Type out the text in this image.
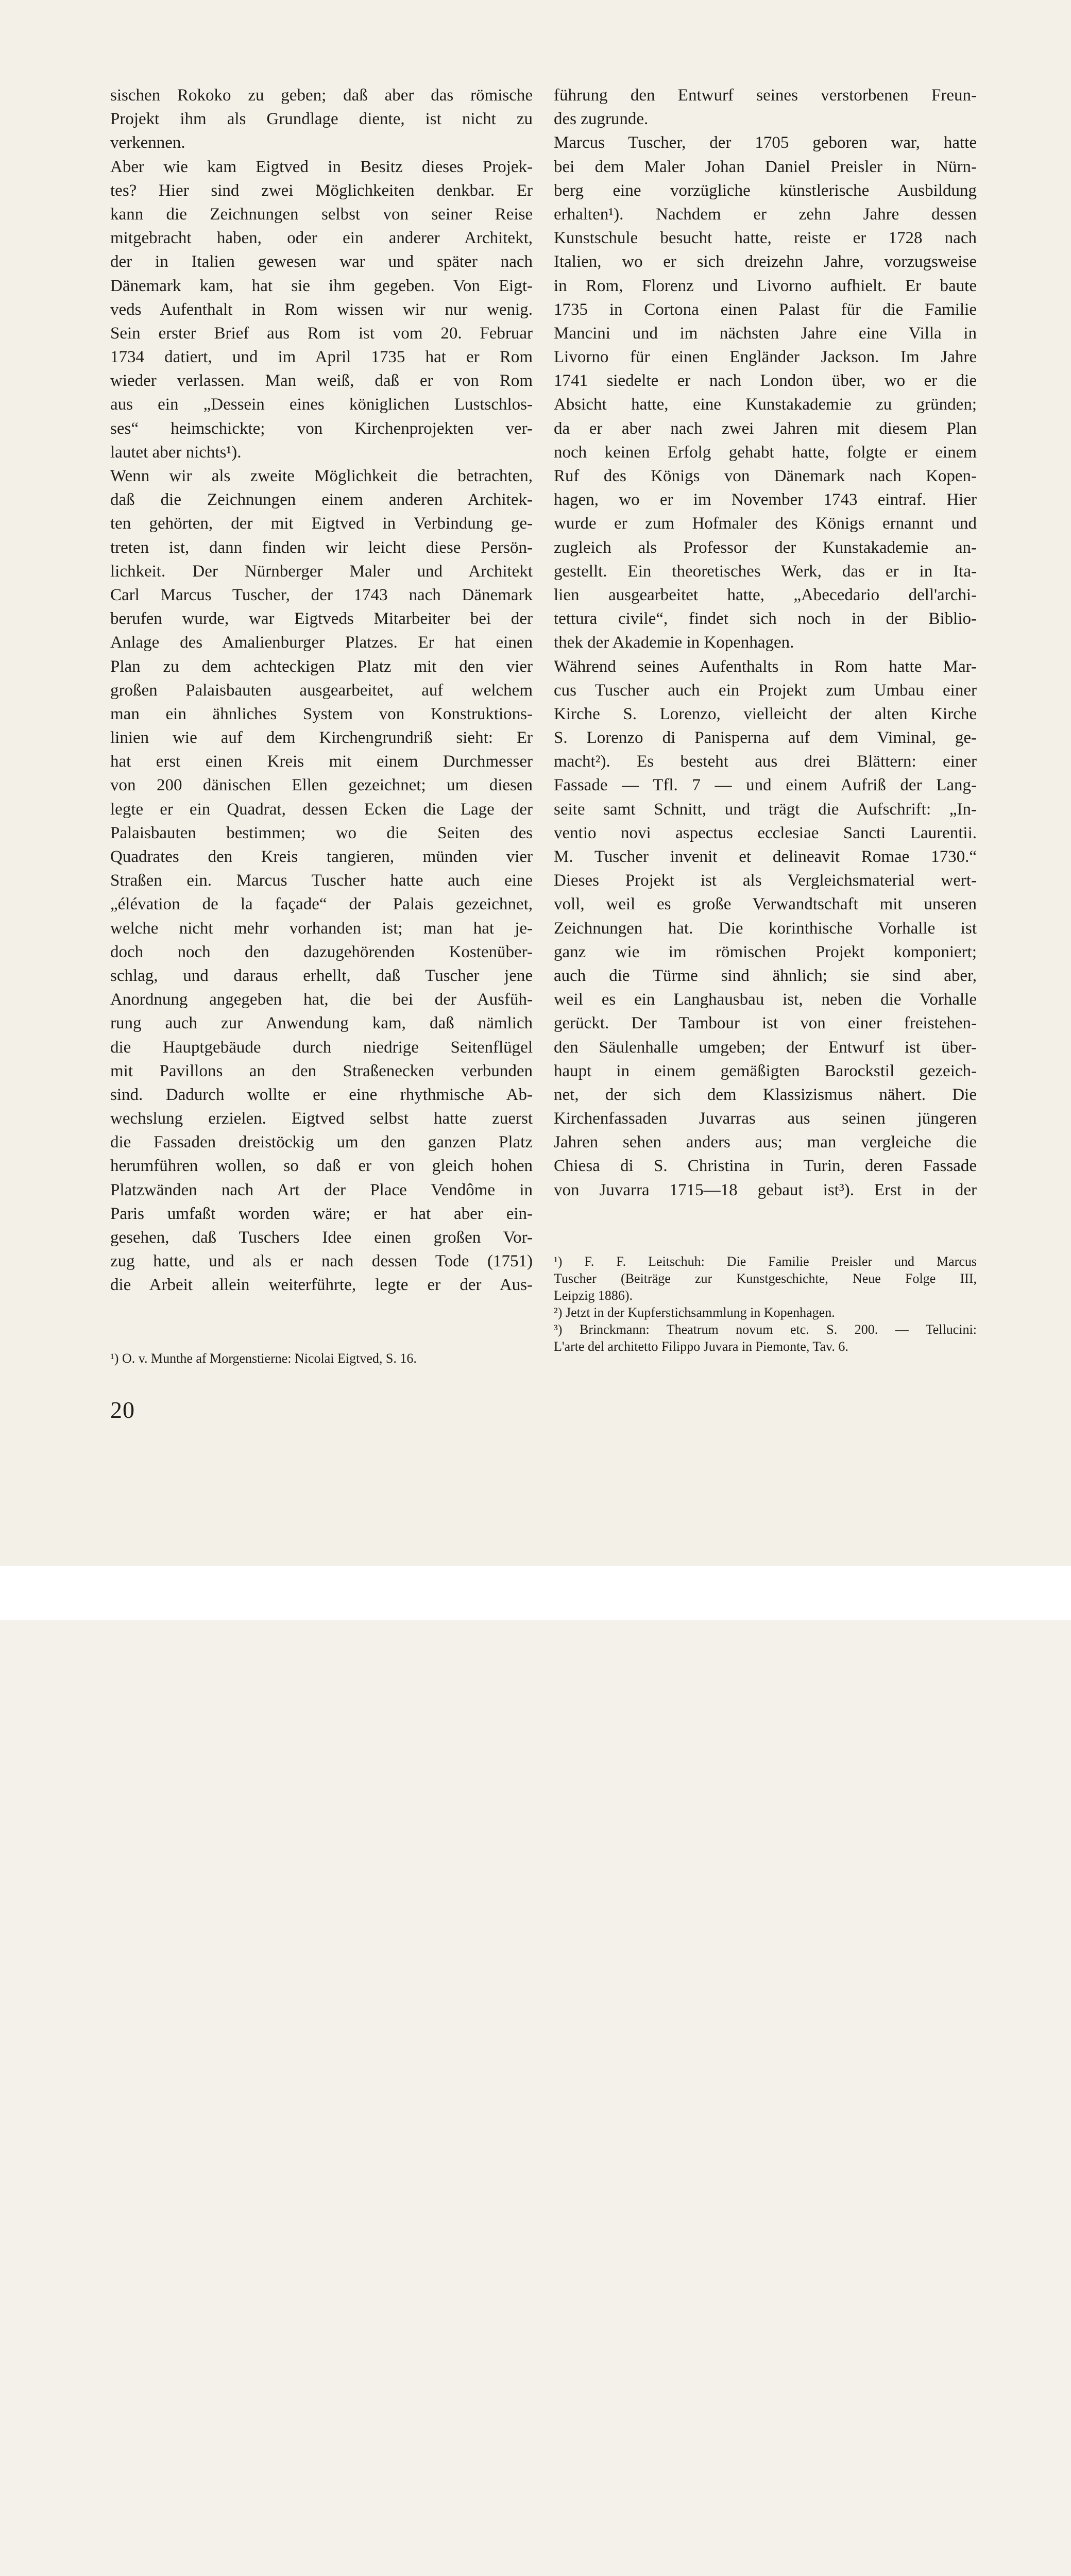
sischen Rokoko zu geben; daß aber das römische
Projekt ihm als Grundlage diente, ist nicht zu
verkennen.
Aber wie kam Eigtved in Besitz dieses Projek-
tes? Hier sind zwei Möglichkeiten denkbar. Er
kann die Zeichnungen selbst von seiner Reise
mitgebracht haben, oder ein anderer Architekt,
der in Italien gewesen war und später nach
Dänemark kam, hat sie ihm gegeben. Von Eigt-
veds Aufenthalt in Rom wissen wir nur wenig.
Sein erster Brief aus Rom ist vom 20. Februar
1734 datiert, und im April 1735 hat er Rom
wieder verlassen. Man weiß, daß er von Rom
aus ein „Dessein eines königlichen Lustschlos-
ses“ heimschickte; von Kirchenprojekten ver-
lautet aber nichts¹).
Wenn wir als zweite Möglichkeit die betrachten,
daß die Zeichnungen einem anderen Architek-
ten gehörten, der mit Eigtved in Verbindung ge-
treten ist, dann finden wir leicht diese Persön-
lichkeit. Der Nürnberger Maler und Architekt
Carl Marcus Tuscher, der 1743 nach Dänemark
berufen wurde, war Eigtveds Mitarbeiter bei der
Anlage des Amalienburger Platzes. Er hat einen
Plan zu dem achteckigen Platz mit den vier
großen Palaisbauten ausgearbeitet, auf welchem
man ein ähnliches System von Konstruktions-
linien wie auf dem Kirchengrundriß sieht: Er
hat erst einen Kreis mit einem Durchmesser
von 200 dänischen Ellen gezeichnet; um diesen
legte er ein Quadrat, dessen Ecken die Lage der
Palaisbauten bestimmen; wo die Seiten des
Quadrates den Kreis tangieren, münden vier
Straßen ein. Marcus Tuscher hatte auch eine
„élévation de la façade“ der Palais gezeichnet,
welche nicht mehr vorhanden ist; man hat je-
doch noch den dazugehörenden Kostenüber-
schlag, und daraus erhellt, daß Tuscher jene
Anordnung angegeben hat, die bei der Ausfüh-
rung auch zur Anwendung kam, daß nämlich
die Hauptgebäude durch niedrige Seitenflügel
mit Pavillons an den Straßenecken verbunden
sind. Dadurch wollte er eine rhythmische Ab-
wechslung erzielen. Eigtved selbst hatte zuerst
die Fassaden dreistöckig um den ganzen Platz
herumführen wollen, so daß er von gleich hohen
Platzwänden nach Art der Place Vendôme in
Paris umfaßt worden wäre; er hat aber ein-
gesehen, daß Tuschers Idee einen großen Vor-
zug hatte, und als er nach dessen Tode (1751)
die Arbeit allein weiterführte, legte er der Aus-
führung den Entwurf seines verstorbenen Freun-
des zugrunde.
Marcus Tuscher, der 1705 geboren war, hatte
bei dem Maler Johan Daniel Preisler in Nürn-
berg eine vorzügliche künstlerische Ausbildung
erhalten¹). Nachdem er zehn Jahre dessen
Kunstschule besucht hatte, reiste er 1728 nach
Italien, wo er sich dreizehn Jahre, vorzugsweise
in Rom, Florenz und Livorno aufhielt. Er baute
1735 in Cortona einen Palast für die Familie
Mancini und im nächsten Jahre eine Villa in
Livorno für einen Engländer Jackson. Im Jahre
1741 siedelte er nach London über, wo er die
Absicht hatte, eine Kunstakademie zu gründen;
da er aber nach zwei Jahren mit diesem Plan
noch keinen Erfolg gehabt hatte, folgte er einem
Ruf des Königs von Dänemark nach Kopen-
hagen, wo er im November 1743 eintraf. Hier
wurde er zum Hofmaler des Königs ernannt und
zugleich als Professor der Kunstakademie an-
gestellt. Ein theoretisches Werk, das er in Ita-
lien ausgearbeitet hatte, „Abecedario dell'archi-
tettura civile“, findet sich noch in der Biblio-
thek der Akademie in Kopenhagen.
Während seines Aufenthalts in Rom hatte Mar-
cus Tuscher auch ein Projekt zum Umbau einer
Kirche S. Lorenzo, vielleicht der alten Kirche
S. Lorenzo di Panisperna auf dem Viminal, ge-
macht²). Es besteht aus drei Blättern: einer
Fassade — Tfl. 7 — und einem Aufriß der Lang-
seite samt Schnitt, und trägt die Aufschrift: „In-
ventio novi aspectus ecclesiae Sancti Laurentii.
M. Tuscher invenit et delineavit Romae 1730.“
Dieses Projekt ist als Vergleichsmaterial wert-
voll, weil es große Verwandtschaft mit unseren
Zeichnungen hat. Die korinthische Vorhalle ist
ganz wie im römischen Projekt komponiert;
auch die Türme sind ähnlich; sie sind aber,
weil es ein Langhausbau ist, neben die Vorhalle
gerückt. Der Tambour ist von einer freistehen-
den Säulenhalle umgeben; der Entwurf ist über-
haupt in einem gemäßigten Barockstil gezeich-
net, der sich dem Klassizismus nähert. Die
Kirchenfassaden Juvarras aus seinen jüngeren
Jahren sehen anders aus; man vergleiche die
Chiesa di S. Christina in Turin, deren Fassade
von Juvarra 1715—18 gebaut ist³). Erst in der
¹) F. F. Leitschuh: Die Familie Preisler und Marcus
Tuscher (Beiträge zur Kunstgeschichte, Neue Folge III,
Leipzig 1886).
²) Jetzt in der Kupferstichsammlung in Kopenhagen.
³) Brinckmann: Theatrum novum etc. S. 200. — Tellucini:
L'arte del architetto Filippo Juvara in Piemonte, Tav. 6.
20
¹) O. v. Munthe af Morgenstierne: Nicolai Eigtved, S. 16.
